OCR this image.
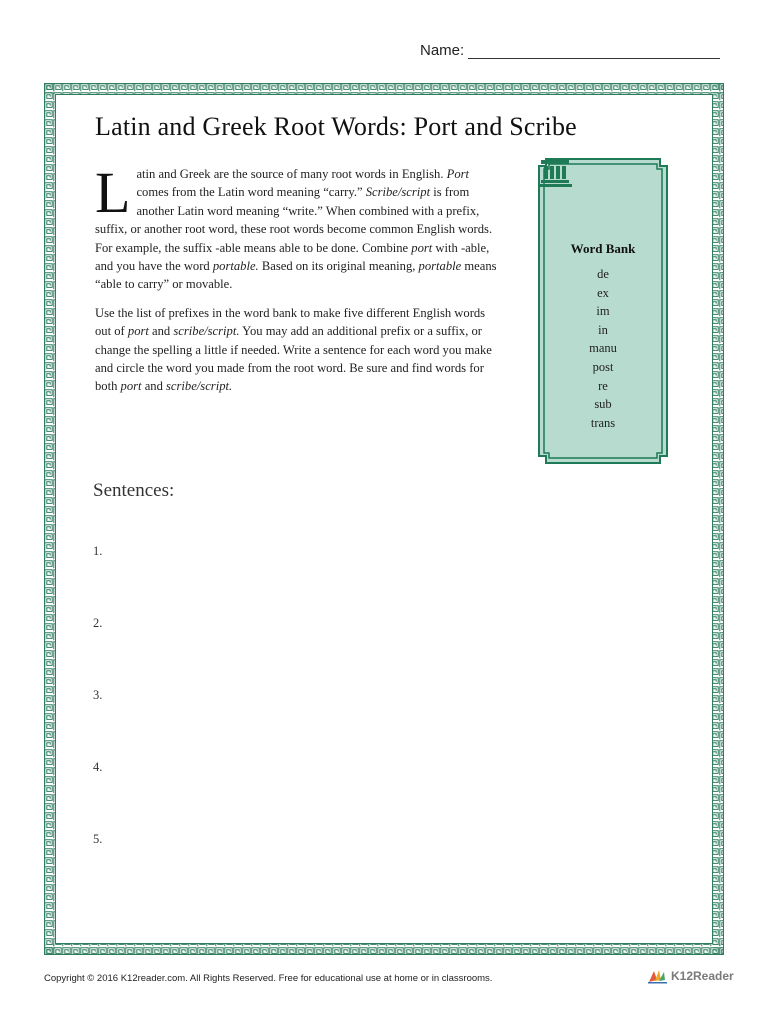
Name:
Latin and Greek Root Words: Port and Scribe
L atin and Greek are the source of many root words in English. Port comes from the Latin word meaning “carry.” Scribe/script is from another Latin word meaning “write.” When combined with a prefix, suffix, or another root word, these root words become common English words. For example, the suffix -able means able to be done. Combine port with -able, and you have the word portable. Based on its original meaning, portable means “able to carry” or movable.

Use the list of prefixes in the word bank to make five different English words out of port and scribe/script. You may add an additional prefix or a suffix, or change the spelling a little if needed. Write a sentence for each word you make and circle the word you made from the root word. Be sure and find words for both port and scribe/script.

Word Bank
de
ex
im
in
manu
post
re
sub
trans
Sentences:
1.
2.
3.
4.
5.
Copyright © 2016 K12reader.com. All Rights Reserved. Free for educational use at home or in classrooms.	K12Reader
